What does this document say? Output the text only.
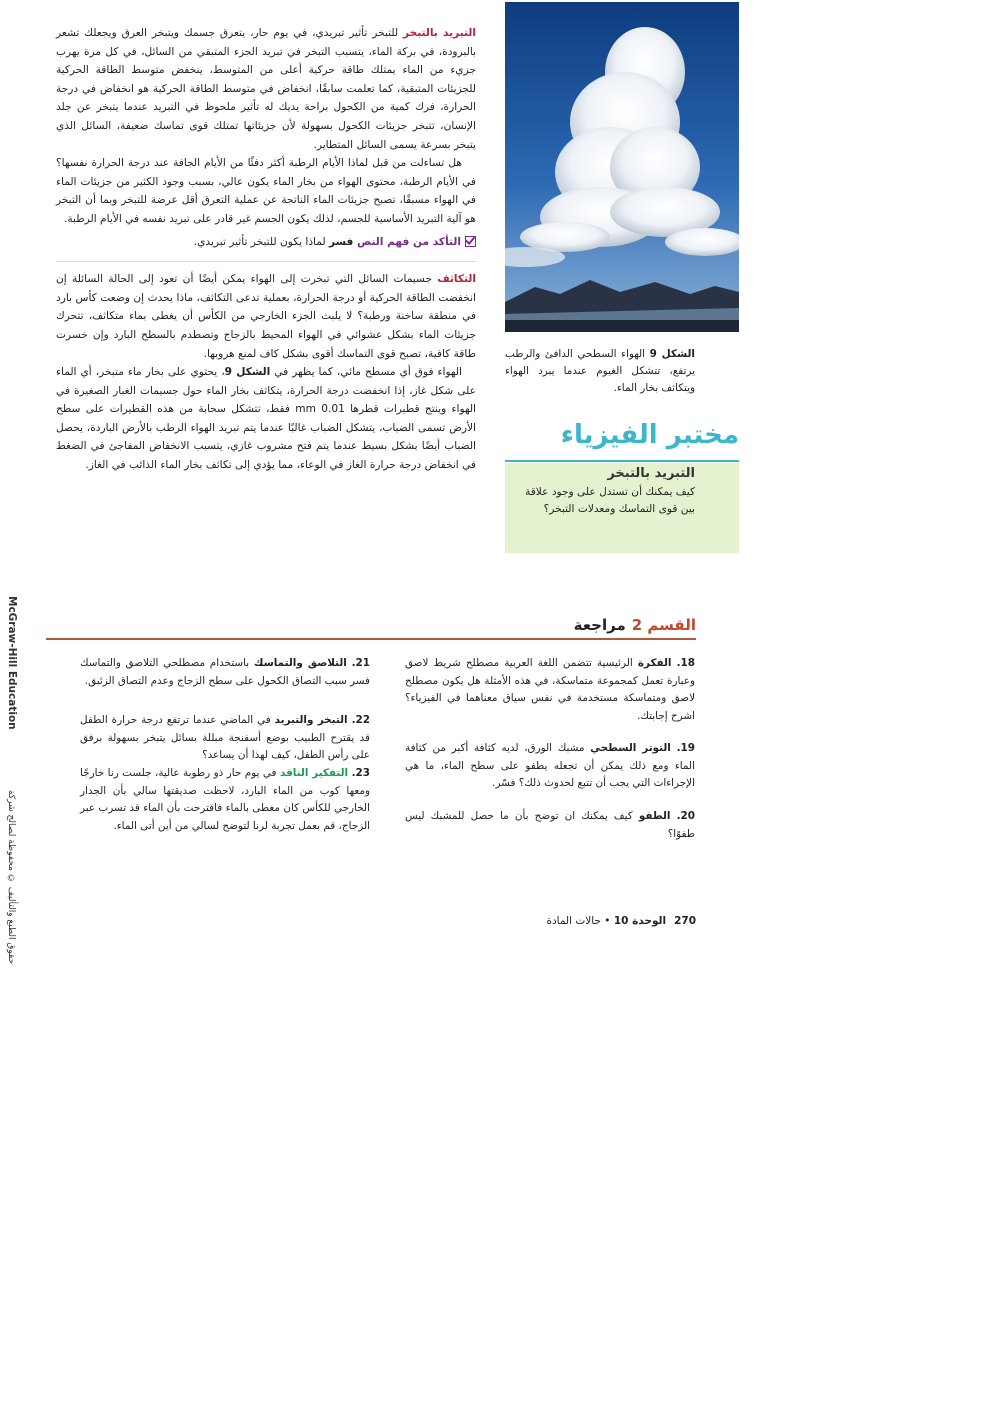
التبريد بالتبخر للتبخر تأثير تبريدي، في يوم حار، يتعرق جسمك ويتبخر العرق ويجعلك تشعر بالبرودة، في بركة الماء، يتسبب التبخر في تبريد الجزء المتبقي من السائل، في كل مرة يهرب جزيء من الماء يمتلك طاقة حركية أعلى من المتوسط، ينخفض متوسط الطاقة الحركية للجزيئات المتبقية، كما تعلمت سابقًا، انخفاض في متوسط الطاقة الحركية هو انخفاض في درجة الحرارة، فرك كمية من الكحول براحة يديك له تأثير ملحوظ في التبريد عندما يتبخر عن جلد الإنسان، تتبخر جزيئات الكحول بسهولة لأن جزيئاتها تمتلك قوى تماسك ضعيفة، السائل الذي يتبخر بسرعة يسمى السائل المتطاير.

هل تساءلت من قبل لماذا الأيام الرطبة أكثر دفئًا من الأيام الجافة عند درجة الحرارة نفسها؟ في الأيام الرطبة، محتوى الهواء من بخار الماء يكون عالي، بسبب وجود الكثير من جزيئات الماء في الهواء مسبقًا، تصبح جزيئات الماء الناتجة عن عملية التعرق أقل عرضة للتبخر وبما أن التبخر هو آلية التبريد الأساسية للجسم، لذلك يكون الجسم غير قادر على تبريد نفسه في الأيام الرطبة.

التأكد من فهم النص فسر لماذا يكون للتبخر تأثير تبريدي.

التكاثف جسيمات السائل التي تبخرت إلى الهواء يمكن أيضًا أن تعود إلى الحالة السائلة إن انخفضت الطاقة الحركية أو درجة الحرارة، بعملية تدعى التكاثف، ماذا يحدث إن وضعت كأس بارد في منطقة ساخنة ورطبة؟ لا يلبث الجزء الخارجي من الكأس أن يغطى بماء متكاثف، تتحرك جزيئات الماء بشكل عشوائي في الهواء المحيط بالزجاج وتصطدم بالسطح البارد وإن خسرت طاقة كافية، تصبح قوى التماسك أقوى بشكل كاف لمنع هروبها.

الهواء فوق أي مسطح مائي، كما يظهر في الشكل 9، يحتوي على بخار ماء متبخر، أي الماء على شكل غاز، إذا انخفضت درجة الحرارة، يتكاثف بخار الماء حول جسيمات الغبار الصغيرة في الهواء وينتج قطيرات قطرها 0.01 mm فقط، تتشكل سحابة من هذه القطيرات على سطح الأرض تسمى الضباب، يتشكل الضباب غالبًا عندما يتم تبريد الهواء الرطب بالأرض الباردة، يحصل الضباب أيضًا بشكل بسيط عندما يتم فتح مشروب غازي، يتسبب الانخفاض المفاجئ في الضغط في انخفاض درجة حرارة الغاز في الوعاء، مما يؤدي إلى تكاثف بخار الماء الذائب في الغاز.

الشكل 9 الهواء السطحي الدافئ والرطب يرتفع، تتشكل الغيوم عندما يبرد الهواء ويتكاثف بخار الماء.
مختبر الفيزياء
التبريد بالتبخر
كيف يمكنك أن تستدل على وجود علاقة بين قوى التماسك ومعدلات التبخر؟
McGraw-Hill Education
حقوق الطبع والتأليف © محفوظة لصالح شركة
القسم 2مراجعة
18. الفكرة الرئيسية تتضمن اللغة العربية مصطلح شريط لاصق وعبارة تعمل كمجموعة متماسكة، في هذه الأمثلة هل يكون مصطلح لاصق ومتماسكة مستخدمة في نفس سياق معناهما في الفيزياء؟ اشرح إجابتك.
19. التوتر السطحي مشبك الورق، لديه كثافة أكبر من كثافة الماء ومع ذلك يمكن أن تجعله يطفو على سطح الماء، ما هي الإجراءات التي يجب أن تتبع لحدوث ذلك؟ فسّر.
20. الطفو كيف يمكنك ان توضح بأن ما حصل للمشبك ليس طفوًا؟
21. التلاصق والتماسك باستخدام مصطلحي التلاصق والتماسك فسر سبب التصاق الكحول على سطح الزجاج وعدم التصاق الزئبق.
22. التبخر والتبريد في الماضي عندما ترتفع درجة حرارة الطفل قد يقترح الطبيب بوضع أسفنجة مبللة بسائل يتبخر بسهولة برفق على رأس الطفل، كيف لهذا أن يساعد؟
23. التفكير الناقد في يوم حار ذو رطوبة عالية، جلست رنا خارجًا ومعها كوب من الماء البارد، لاحظت صديقتها سالي بأن الجدار الخارجي للكأس كان مغطى بالماء فاقترحت بأن الماء قد تسرب عبر الزجاج، قم بعمل تجربة لرنا لتوضح لسالي من أين أتى الماء.
270الوحدة 10 • حالات المادة
